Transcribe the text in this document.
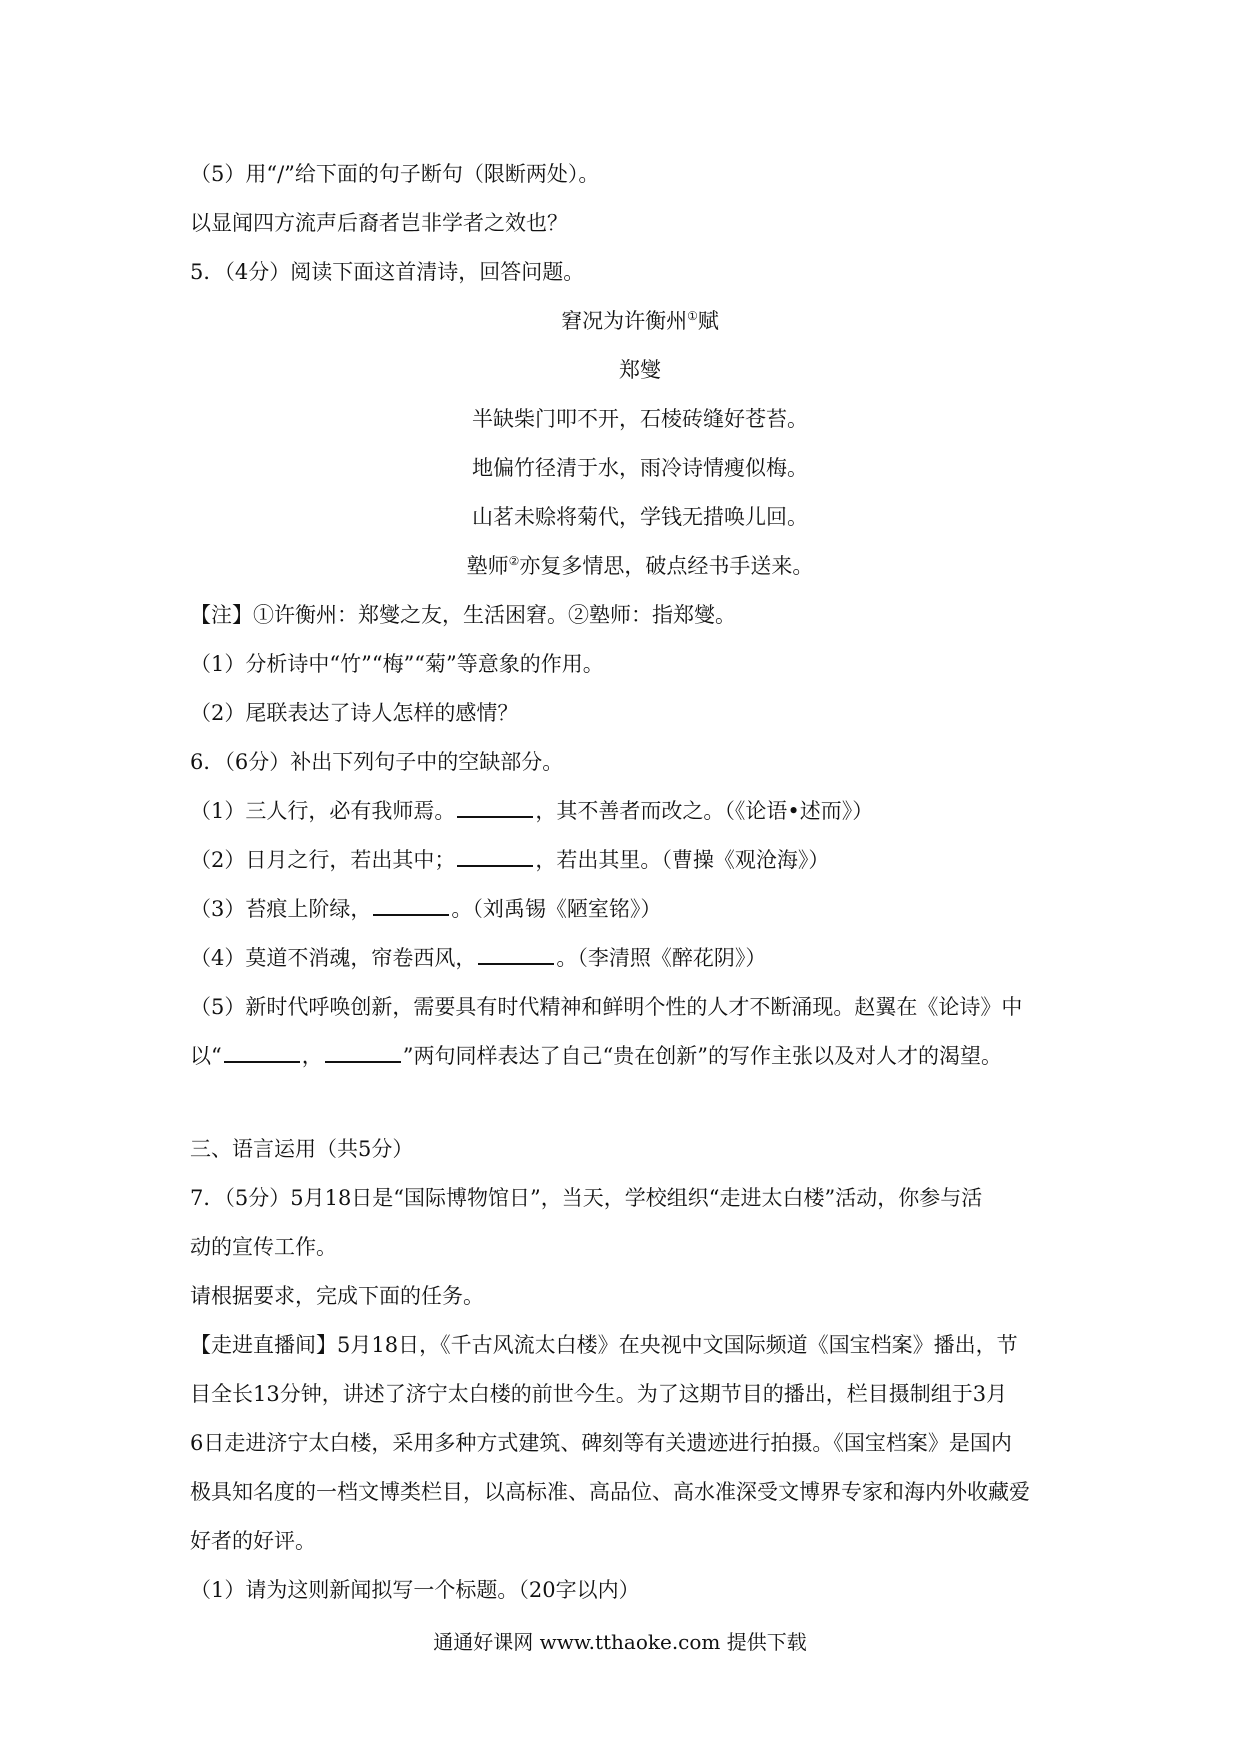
（5）用“/”给下面的句子断句（限断两处）。
以显闻四方流声后裔者岂非学者之效也？
5．（4分）阅读下面这首清诗，回答问题。
窘况为许衡州①赋
郑燮
半缺柴门叩不开，石棱砖缝好苍苔。
地偏竹径清于水，雨冷诗情瘦似梅。
山茗未赊将菊代，学钱无措唤儿回。
塾师②亦复多情思，破点经书手送来。
【注】①许衡州：郑燮之友，生活困窘。②塾师：指郑燮。
（1）分析诗中“竹”“梅”“菊”等意象的作用。
（2）尾联表达了诗人怎样的感情？
6．（6分）补出下列句子中的空缺部分。
（1）三人行，必有我师焉。	，其不善者而改之。（《论语•述而》）
（2）日月之行，若出其中；	，若出其里。（曹操《观沧海》）
（3）苔痕上阶绿，	。（刘禹锡《陋室铭》）
（4）莫道不消魂，帘卷西风，	。（李清照《醉花阴》）
（5）新时代呼唤创新，需要具有时代精神和鲜明个性的人才不断涌现。赵翼在《论诗》中
以“	，	”两句同样表达了自己“贵在创新”的写作主张以及对人才的渴望。
三、语言运用（共5分）
7．（5分）5月18日是“国际博物馆日”，当天，学校组织“走进太白楼”活动，你参与活
动的宣传工作。
请根据要求，完成下面的任务。
【走进直播间】5月18日，《千古风流太白楼》在央视中文国际频道《国宝档案》播出，节
目全长13分钟，讲述了济宁太白楼的前世今生。为了这期节目的播出，栏目摄制组于3月
6日走进济宁太白楼，采用多种方式建筑、碑刻等有关遗迹进行拍摄。《国宝档案》是国内
极具知名度的一档文博类栏目，以高标准、高品位、高水准深受文博界专家和海内外收藏爱
好者的好评。
（1）请为这则新闻拟写一个标题。（20字以内）
通通好课网 www.tthaoke.com 提供下载
